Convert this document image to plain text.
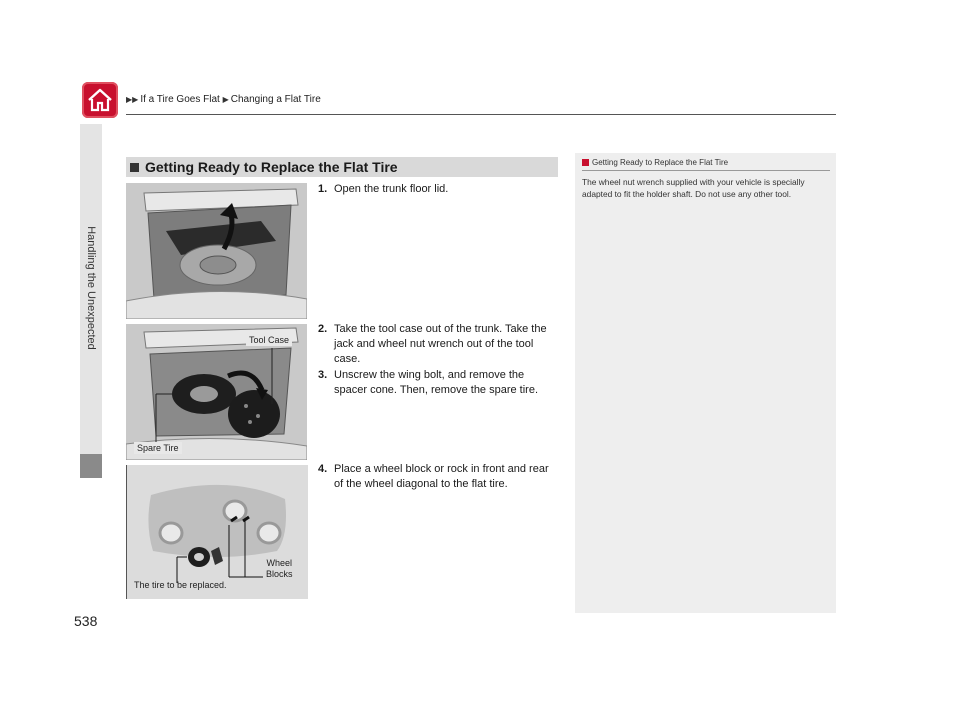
▶▶ If a Tire Goes Flat ▶ Changing a Flat Tire
Handling the Unexpected
538
Getting Ready to Replace the Flat Tire
Tool Case
Spare Tire
Wheel
Blocks
The tire to be replaced.
1. Open the trunk floor lid.
2. Take the tool case out of the trunk. Take the jack and wheel nut wrench out of the tool case.
3. Unscrew the wing bolt, and remove the spacer cone. Then, remove the spare tire.
4. Place a wheel block or rock in front and rear of the wheel diagonal to the flat tire.
Getting Ready to Replace the Flat Tire
The wheel nut wrench supplied with your vehicle is specially adapted to fit the holder shaft. Do not use any other tool.
